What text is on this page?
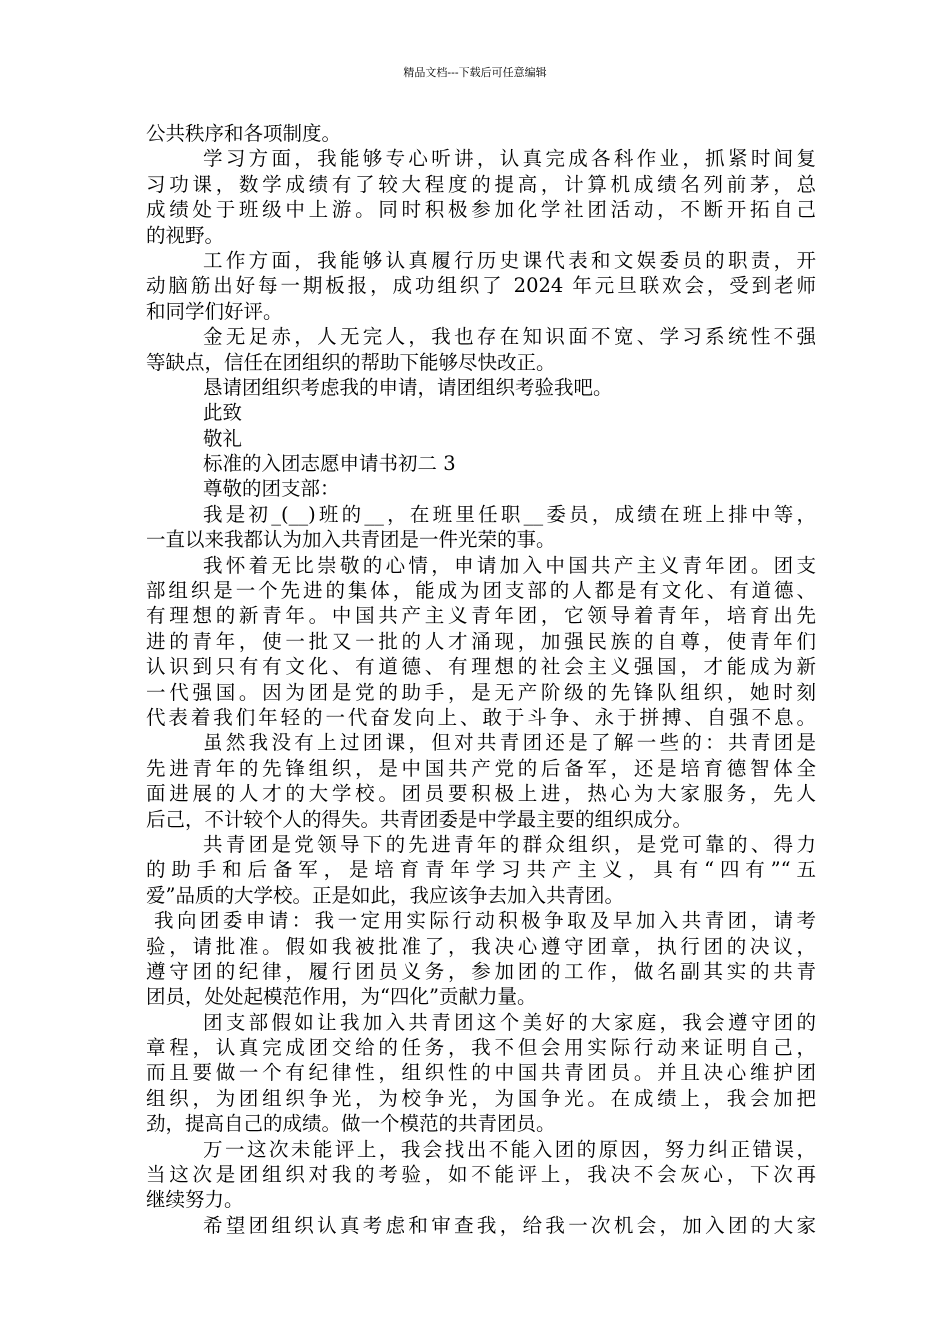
精品文档---下载后可任意编辑
公共秩序和各项制度。
学习方面，我能够专心听讲，认真完成各科作业，抓紧时间复
习功课，数学成绩有了较大程度的提高，计算机成绩名列前茅，总
成绩处于班级中上游。同时积极参加化学社团活动，不断开拓自己
的视野。
工作方面，我能够认真履行历史课代表和文娱委员的职责，开
动脑筋出好每一期板报，成功组织了 2024 年元旦联欢会，受到老师
和同学们好评。
金无足赤，人无完人，我也存在知识面不宽、学习系统性不强
等缺点，信任在团组织的帮助下能够尽快改正。
恳请团组织考虑我的申请，请团组织考验我吧。
此致
敬礼
标准的入团志愿申请书初二 3
尊敬的团支部：
我是初_(__)班的__，在班里任职__委员，成绩在班上排中等，
一直以来我都认为加入共青团是一件光荣的事。
我怀着无比崇敬的心情，申请加入中国共产主义青年团。团支
部组织是一个先进的集体，能成为团支部的人都是有文化、有道德、
有理想的新青年。中国共产主义青年团，它领导着青年，培育出先
进的青年，使一批又一批的人才涌现，加强民族的自尊，使青年们
认识到只有有文化、有道德、有理想的社会主义强国，才能成为新
一代强国。因为团是党的助手，是无产阶级的先锋队组织，她时刻
代表着我们年轻的一代奋发向上、敢于斗争、永于拼搏、自强不息。
虽然我没有上过团课，但对共青团还是了解一些的：共青团是
先进青年的先锋组织，是中国共产党的后备军，还是培育德智体全
面进展的人才的大学校。团员要积极上进，热心为大家服务，先人
后己，不计较个人的得失。共青团委是中学最主要的组织成分。
共青团是党领导下的先进青年的群众组织，是党可靠的、得力
的助手和后备军，是培育青年学习共产主义，具有“四有”“五
爱”品质的大学校。正是如此，我应该争去加入共青团。
我向团委申请：我一定用实际行动积极争取及早加入共青团，请考
验，请批准。假如我被批准了，我决心遵守团章，执行团的决议，
遵守团的纪律，履行团员义务，参加团的工作，做名副其实的共青
团员，处处起模范作用，为“四化”贡献力量。
团支部假如让我加入共青团这个美好的大家庭，我会遵守团的
章程，认真完成团交给的任务，我不但会用实际行动来证明自己，
而且要做一个有纪律性，组织性的中国共青团员。并且决心维护团
组织，为团组织争光，为校争光，为国争光。在成绩上，我会加把
劲，提高自己的成绩。做一个模范的共青团员。
万一这次未能评上，我会找出不能入团的原因，努力纠正错误，
当这次是团组织对我的考验，如不能评上，我决不会灰心，下次再
继续努力。
希望团组织认真考虑和审查我，给我一次机会，加入团的大家
